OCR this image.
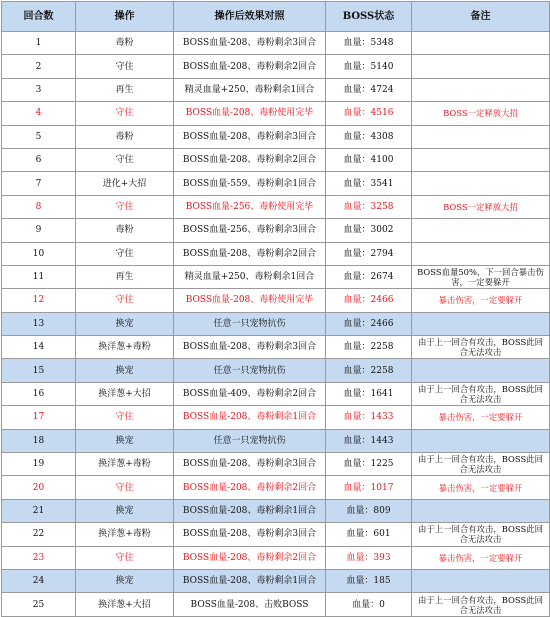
回合数	操作	操作后效果对照	BOSS状态	备注
1	毒粉	BOSS血量-208、毒粉剩余3回合	血量：5348	
2	守住	BOSS血量-208、毒粉剩余2回合	血量：5140	
3	再生	精灵血量+250、毒粉剩余1回合	血量：4724	
4	守住	BOSS血量-208、毒粉使用完毕	血量：4516	BOSS一定释放大招
5	毒粉	BOSS血量-208、毒粉剩余3回合	血量：4308	
6	守住	BOSS血量-208、毒粉剩余2回合	血量：4100	
7	进化+大招	BOSS血量-559、毒粉剩余1回合	血量：3541	
8	守住	BOSS血量-256、毒粉使用完毕	血量：3258	BOSS一定释放大招
9	毒粉	BOSS血量-256、毒粉剩余3回合	血量：3002	
10	守住	BOSS血量-208、毒粉剩余2回合	血量：2794	
11	再生	精灵血量+250、毒粉剩余1回合	血量：2674	BOSS血量50%，下一回合暴击伤害，一定要躲开
12	守住	BOSS血量-208、毒粉使用完毕	血量：2466	暴击伤害，一定要躲开
13	换宠	任意一只宠物抗伤	血量：2466	
14	换洋葱+毒粉	BOSS血量-208、毒粉剩余3回合	血量：2258	由于上一回合有攻击，BOSS此回合无法攻击
15	换宠	任意一只宠物抗伤	血量：2258	
16	换洋葱+大招	BOSS血量-409、毒粉剩余2回合	血量：1641	由于上一回合有攻击，BOSS此回合无法攻击
17	守住	BOSS血量-208、毒粉剩余1回合	血量：1433	暴击伤害，一定要躲开
18	换宠	任意一只宠物抗伤	血量：1443	
19	换洋葱+毒粉	BOSS血量-208、毒粉剩余3回合	血量：1225	由于上一回合有攻击，BOSS此回合无法攻击
20	守住	BOSS血量-208、毒粉剩余2回合	血量：1017	暴击伤害，一定要躲开
21	换宠	BOSS血量-208、毒粉剩余1回合	血量：809	
22	换洋葱+毒粉	BOSS血量-208、毒粉剩余3回合	血量：601	由于上一回合有攻击，BOSS此回合无法攻击
23	守住	BOSS血量-208、毒粉剩余2回合	血量：393	暴击伤害，一定要躲开
24	换宠	BOSS血量-208、毒粉剩余1回合	血量：185	
25	换洋葱+大招	BOSS血量-208、击败BOSS	血量：0	由于上一回合有攻击，BOSS此回合无法攻击
